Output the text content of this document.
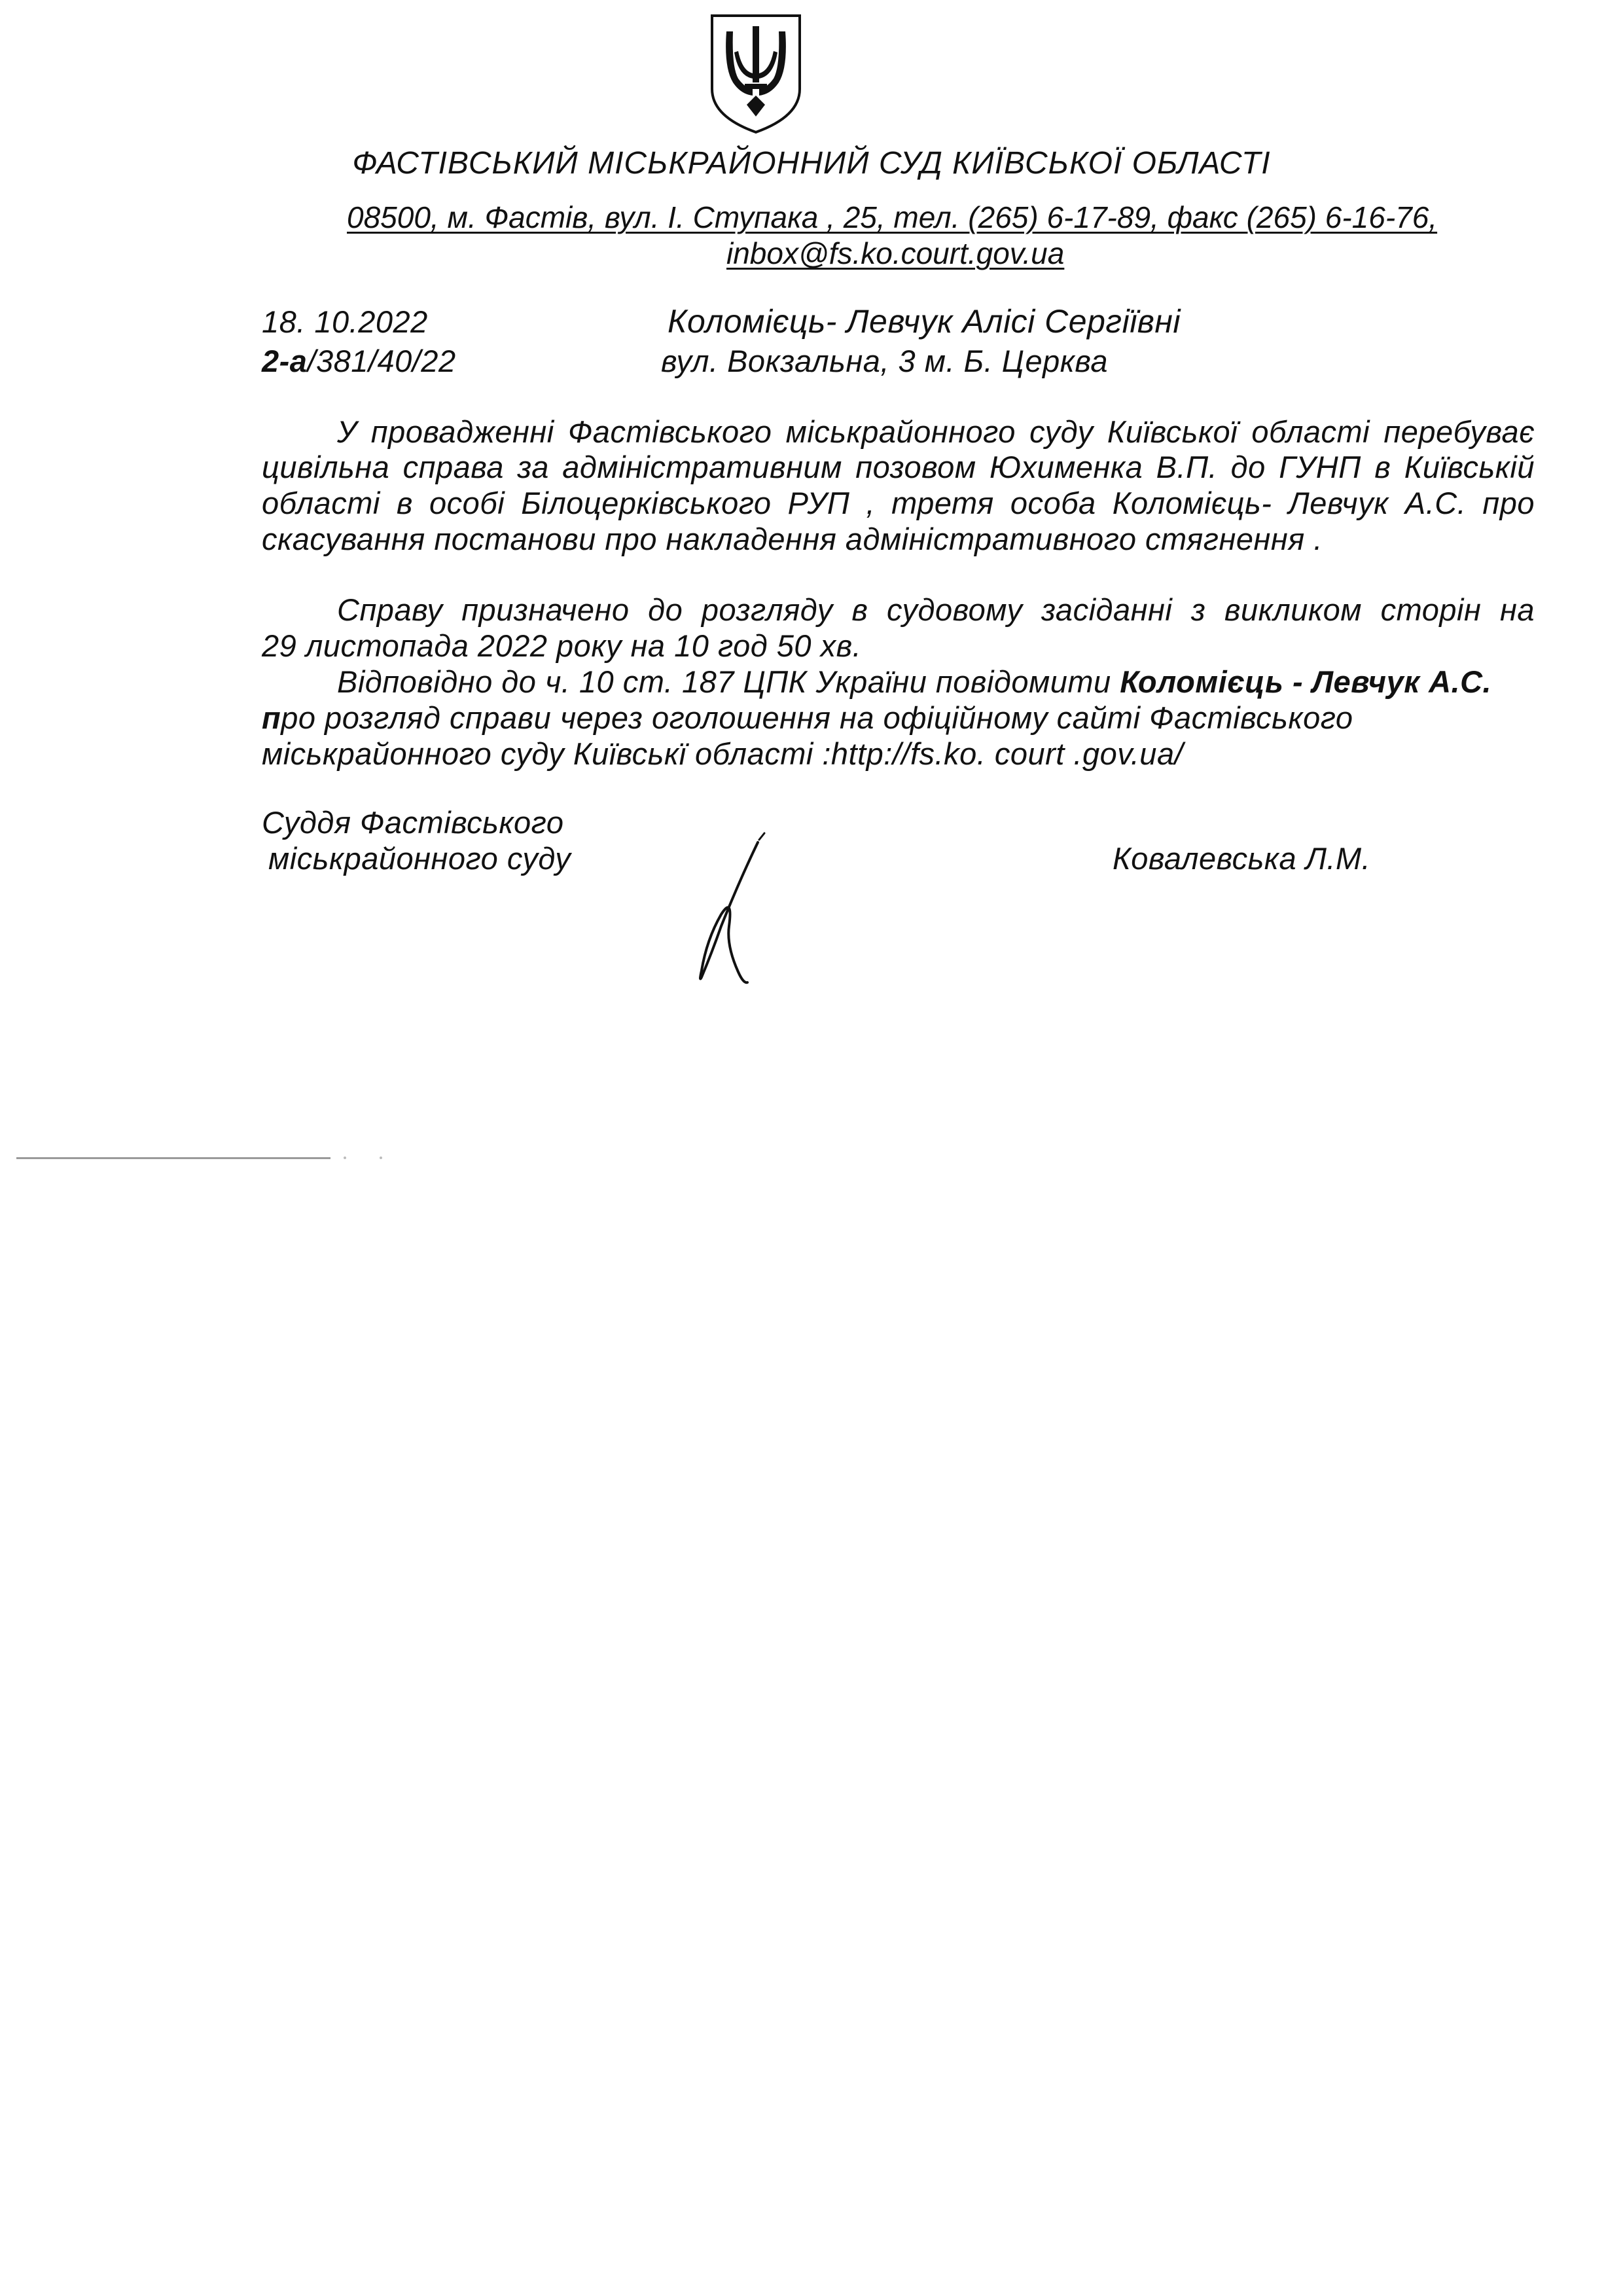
ФАСТІВСЬКИЙ МІСЬКРАЙОННИЙ СУД КИЇВСЬКОЇ ОБЛАСТІ
08500, м. Фастів, вул. І. Ступака , 25, тел. (265) 6-17-89, факс (265) 6-16-76,
inbox@fs.ko.court.gov.ua
18. 10.2022
2-а/381/40/22
Коломієць- Левчук Алісі Сергіївні
вул. Вокзальна, 3 м. Б. Церква
У провадженні Фастівського міськрайонного суду Київської області перебуває
цивільна справа за адміністративним позовом Юхименка В.П. до ГУНП в Київській
області в особі Білоцерківського РУП , третя особа Коломієць- Левчук А.С. про
скасування постанови про накладення адміністративного стягнення .
Справу призначено до розгляду в судовому засіданні з викликом сторін на
29 листопада 2022 року на 10 год 50 хв.
Відповідно до ч. 10 ст. 187 ЦПК України повідомити Коломієць - Левчук А.С.
про розгляд справи через оголошення на офіційному сайті Фастівського
міськрайонного суду Київськї області :http://fs.ko. court .gov.ua/
Суддя Фастівського
міськрайонного суду	Ковалевська Л.М.
